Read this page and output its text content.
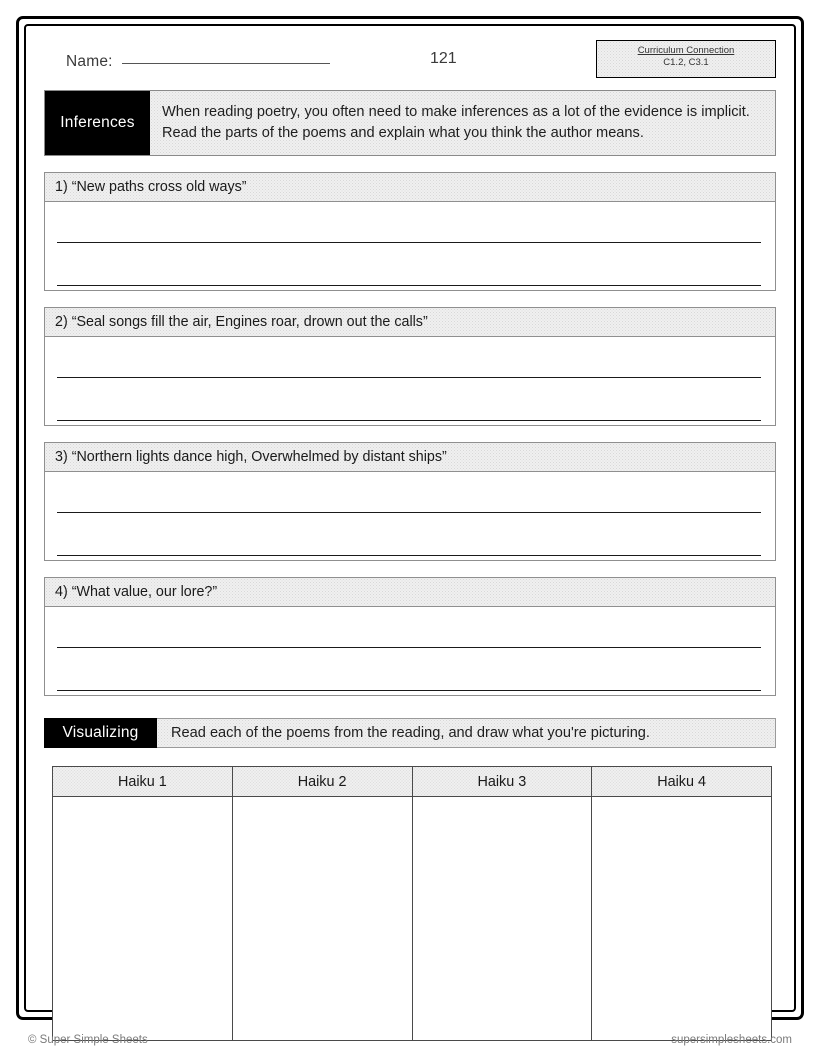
Name:	121	Curriculum Connection
C1.2, C3.1
Inferences
When reading poetry, you often need to make inferences as a lot of the evidence is implicit. Read the parts of the poems and explain what you think the author means.
1)
“New paths cross old ways”
2)
“Seal songs fill the air, Engines roar, drown out the calls”
3)
“Northern lights dance high, Overwhelmed by distant ships”
4)
“What value, our lore?”
Visualizing	Read each of the poems from the reading, and draw what you're picturing.
Haiku 1	Haiku 2	Haiku 3	Haiku 4

© Super Simple Sheets	supersimplesheets.com
